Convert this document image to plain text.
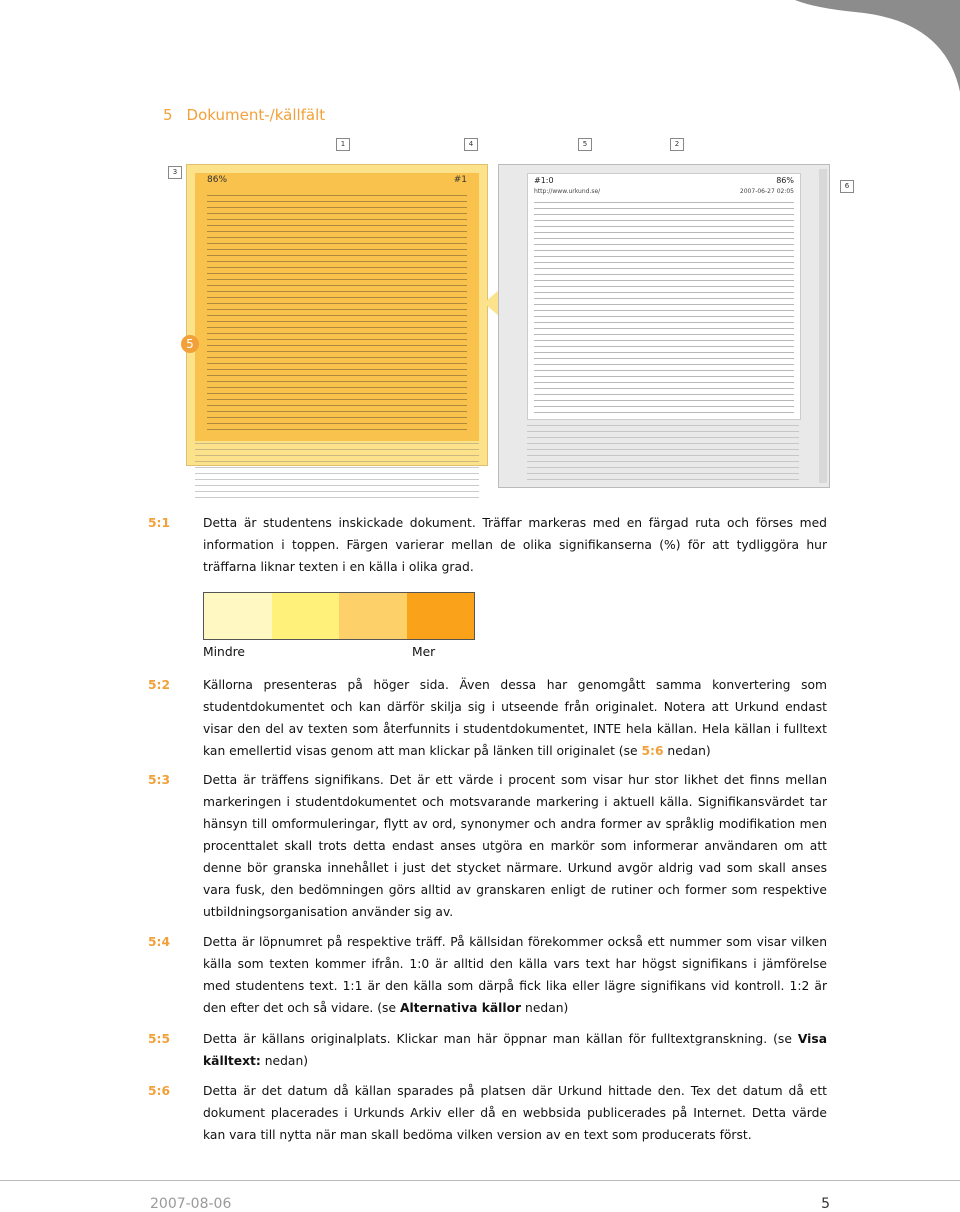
5 Dokument-/källfält
1	4	5	2
3
6
86%	#1
5
#1:0	86%
http://www.urkund.se/	2007-06-27 02:05
5:1	Detta är studentens inskickade dokument. Träffar markeras med en färgad ruta och förses med information i toppen. Färgen varierar mellan de olika signifikanserna (%) för att tydliggöra hur träffarna liknar texten i en källa i olika grad.
5:2	Källorna presenteras på höger sida. Även dessa har genomgått samma konvertering som studentdokumentet och kan därför skilja sig i utseende från originalet. Notera att Urkund endast visar den del av texten som återfunnits i studentdokumentet, INTE hela källan. Hela källan i fulltext kan emellertid visas genom att man klickar på länken till originalet (se 5:6 nedan)
5:3	Detta är träffens signifikans. Det är ett värde i procent som visar hur stor likhet det finns mellan markeringen i studentdokumentet och motsvarande markering i aktuell källa. Signifikansvärdet tar hänsyn till omformuleringar, flytt av ord, synonymer och andra former av språklig modifikation men procenttalet skall trots detta endast anses utgöra en markör som informerar användaren om att denne bör granska innehållet i just det stycket närmare. Urkund avgör aldrig vad som skall anses vara fusk, den bedömningen görs alltid av granskaren enligt de rutiner och former som respektive utbildningsorganisation använder sig av.
5:4	Detta är löpnumret på respektive träff. På källsidan förekommer också ett nummer som visar vilken källa som texten kommer ifrån. 1:0 är alltid den källa vars text har högst signifikans i jämförelse med studentens text. 1:1 är den källa som därpå fick lika eller lägre signifikans vid kontroll. 1:2 är den efter det och så vidare. (se Alternativa källor nedan)
5:5	Detta är källans originalplats. Klickar man här öppnar man källan för fulltextgranskning. (se Visa källtext: nedan)
5:6	Detta är det datum då källan sparades på platsen där Urkund hittade den. Tex det datum då ett dokument placerades i Urkunds Arkiv eller då en webbsida publicerades på Internet. Detta värde kan vara till nytta när man skall bedöma vilken version av en text som producerats först.
Mindre	Mer
2007-08-06	5
